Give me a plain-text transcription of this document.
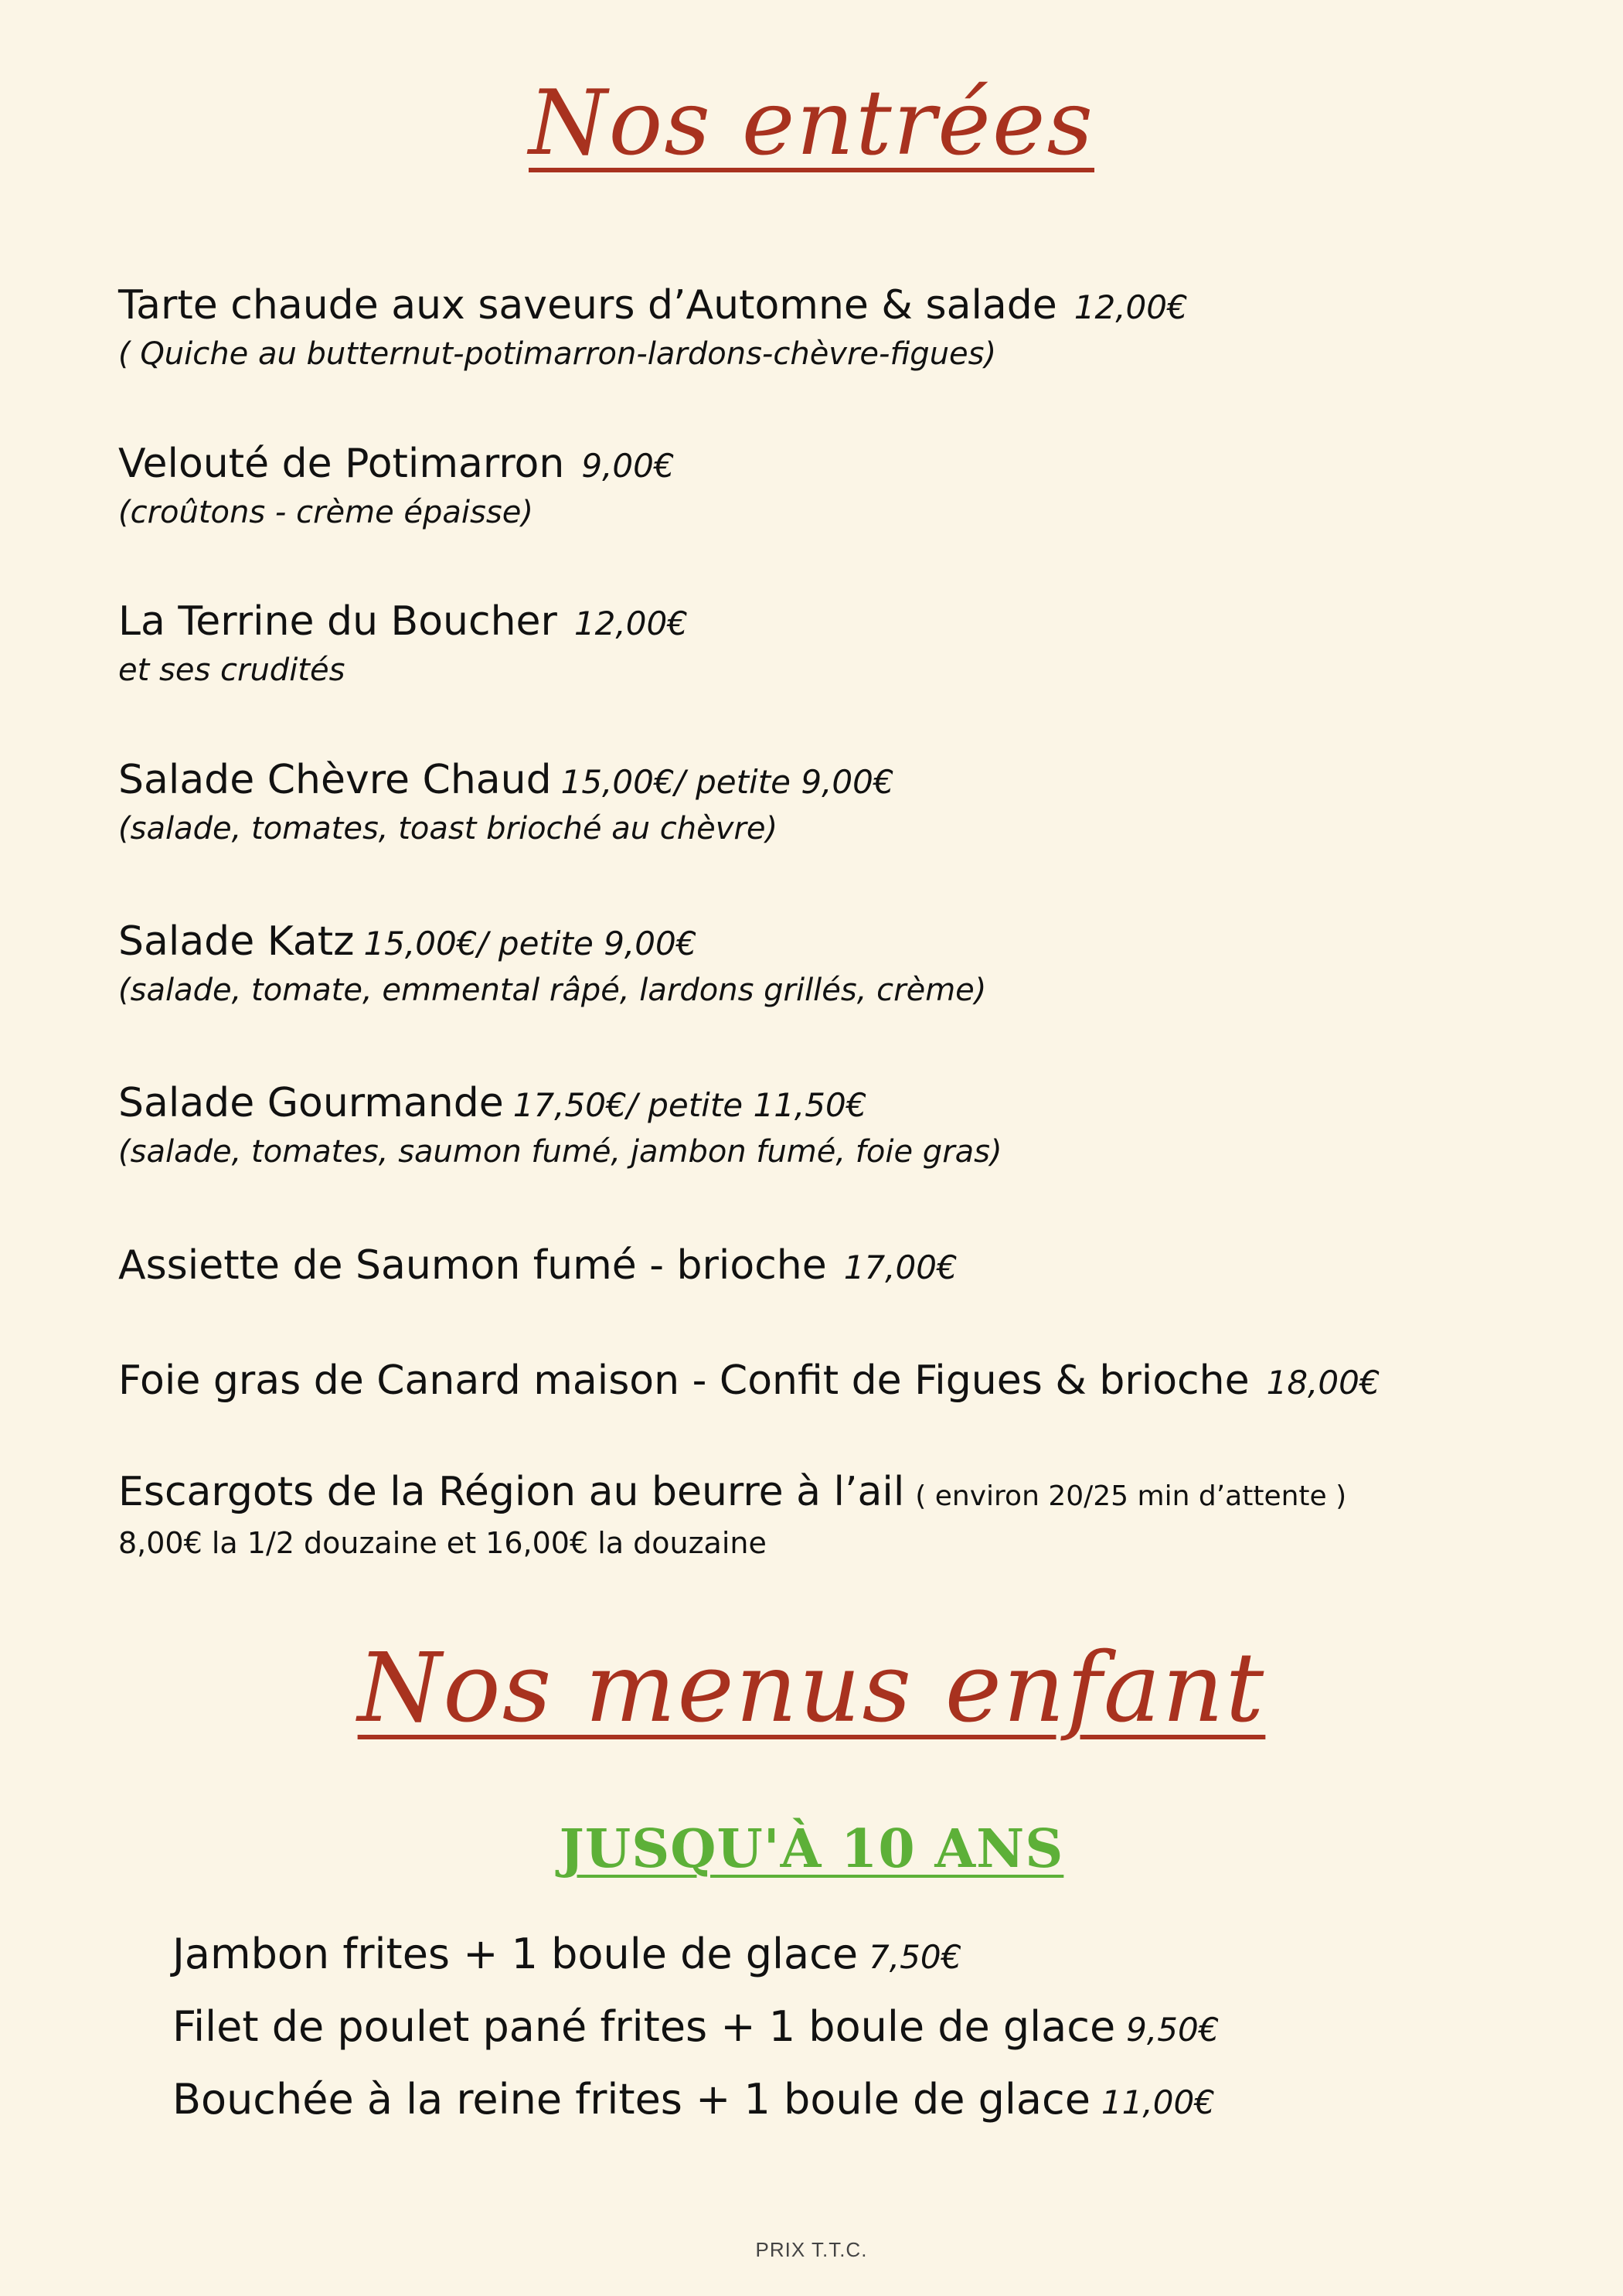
Nos entrées
Tarte chaude aux saveurs d’Automne & salade 12,00€
( Quiche au butternut-potimarron-lardons-chèvre-figues)
Velouté de Potimarron 9,00€
(croûtons - crème épaisse)
La Terrine du Boucher 12,00€
et ses crudités
Salade Chèvre Chaud 15,00€/ petite 9,00€
(salade, tomates, toast brioché au chèvre)
Salade Katz 15,00€/ petite 9,00€
(salade, tomate, emmental râpé, lardons grillés, crème)
Salade Gourmande 17,50€/ petite 11,50€
(salade, tomates, saumon fumé, jambon fumé, foie gras)
Assiette de Saumon fumé - brioche 17,00€
Foie gras de Canard maison - Confit de Figues & brioche 18,00€
Escargots de la Région au beurre à l’ail ( environ 20/25 min d’attente )
8,00€ la 1/2 douzaine et 16,00€ la douzaine
Nos menus enfant
JUSQU'À 10 ANS
Jambon frites + 1 boule de glace 7,50€
Filet de poulet pané frites + 1 boule de glace 9,50€
Bouchée à la reine frites + 1 boule de glace 11,00€
PRIX T.T.C.
